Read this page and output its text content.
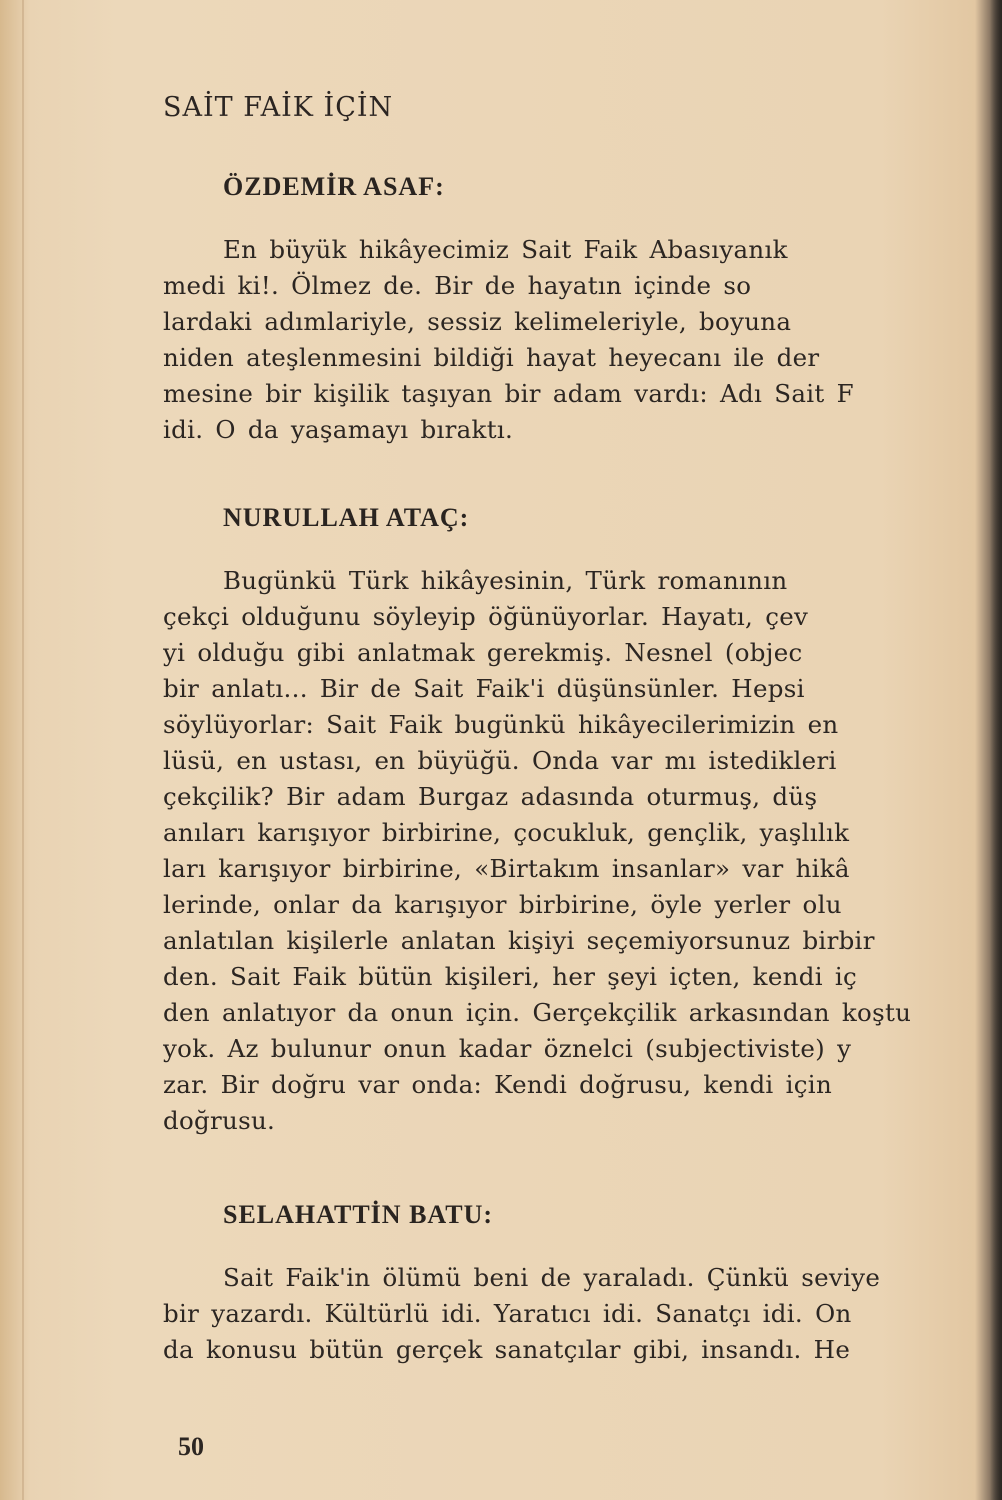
SAİT FAİK İÇİN
ÖZDEMİR ASAF:
En büyük hikâyecimiz Sait Faik Abasıyanık
medi ki!. Ölmez de. Bir de hayatın içinde so
lardaki adımlariyle, sessiz kelimeleriyle, boyuna
niden ateşlenmesini bildiği hayat heyecanı ile der
mesine bir kişilik taşıyan bir adam vardı: Adı Sait F
idi. O da yaşamayı bıraktı.
NURULLAH ATAÇ:
Bugünkü Türk hikâyesinin, Türk romanının
çekçi olduğunu söyleyip öğünüyorlar. Hayatı, çev
yi olduğu gibi anlatmak gerekmiş. Nesnel (objec
bir anlatı... Bir de Sait Faik'i düşünsünler. Hepsi
söylüyorlar: Sait Faik bugünkü hikâyecilerimizin en
lüsü, en ustası, en büyüğü. Onda var mı istedikleri
çekçilik? Bir adam Burgaz adasında oturmuş, düş
anıları karışıyor birbirine, çocukluk, gençlik, yaşlılık
ları karışıyor birbirine, «Birtakım insanlar» var hikâ
lerinde, onlar da karışıyor birbirine, öyle yerler olu
anlatılan kişilerle anlatan kişiyi seçemiyorsunuz birbir
den. Sait Faik bütün kişileri, her şeyi içten, kendi iç
den anlatıyor da onun için. Gerçekçilik arkasından koştu
yok. Az bulunur onun kadar öznelci (subjectiviste) y
zar. Bir doğru var onda: Kendi doğrusu, kendi için
doğrusu.
SELAHATTİN BATU:
Sait Faik'in ölümü beni de yaraladı. Çünkü seviye
bir yazardı. Kültürlü idi. Yaratıcı idi. Sanatçı idi. On
da konusu bütün gerçek sanatçılar gibi, insandı. He
50
